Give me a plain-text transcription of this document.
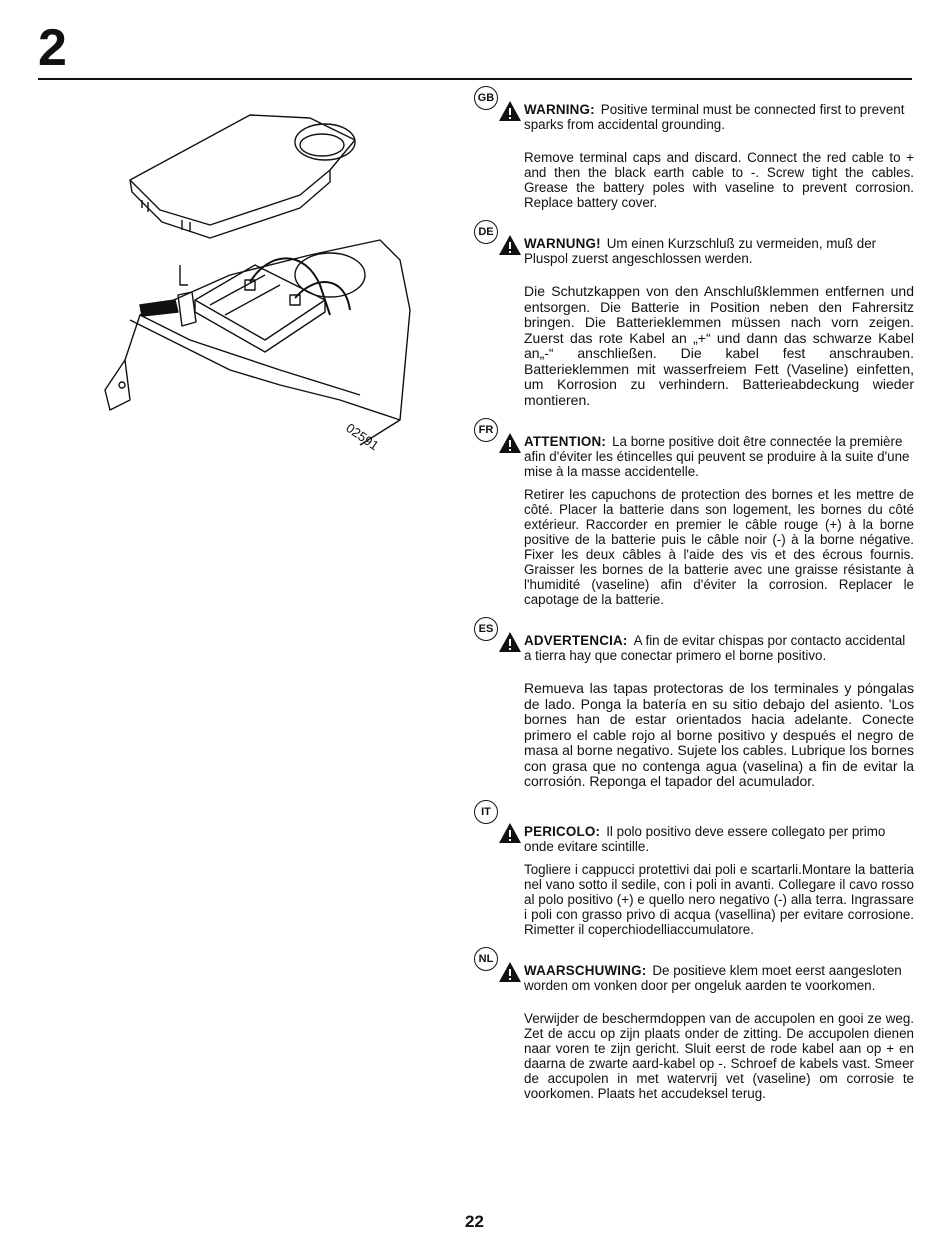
2
02591
GB
WARNING: Positive terminal must be connected first to prevent sparks from accidental grounding.
Remove terminal caps and discard. Connect the red cable to + and then the black earth cable to -. Screw tight the cables. Grease the battery poles with vaseline to prevent corrosion. Replace battery cover.
DE
WARNUNG! Um einen Kurzschluß zu vermeiden, muß der Pluspol zuerst angeschlossen werden.
Die Schutzkappen von den Anschlußklemmen entfernen und entsorgen. Die Batterie in Position neben den Fahrersitz bringen. Die Batterieklemmen müssen nach vorn zeigen. Zuerst das rote Kabel an „+“ und dann das schwarze Kabel an„-“ anschließen. Die kabel fest anschrauben. Batterieklemmen mit wasserfreiem Fett (Vaseline) einfetten, um Korrosion zu verhindern. Batterieabdeckung wieder montieren.
FR
ATTENTION: La borne positive doit être connectée la première afin d'éviter les étincelles qui peuvent se produire à la suite d'une mise à la masse accidentelle.
Retirer les capuchons de protection des bornes et les mettre de côté. Placer la batterie dans son logement, les bornes du côté extérieur. Raccorder en premier le câble rouge (+) à la borne positive de la batterie puis le câble noir (-) à la borne négative. Fixer les deux câbles à l'aide des vis et des écrous fournis. Graisser les bornes de la batterie avec une graisse résistante à l'humidité (vaseline) afin d'éviter la corrosion. Replacer le capotage de la batterie.
ES
ADVERTENCIA: A fin de evitar chispas por contacto accidental a tierra hay que conectar primero el borne positivo.
Remueva las tapas protectoras de los terminales y póngalas de lado. Ponga la batería en su sitio debajo del asiento. 'Los bornes han de estar orientados hacia adelante. Conecte primero el cable rojo al borne positivo y después el negro de masa al borne negativo. Sujete los cables. Lubrique los bornes con grasa que no contenga agua (vaselina) a fin de evitar la corrosión. Reponga el tapador del acumulador.
IT
PERICOLO: Il polo positivo deve essere collegato per primo onde evitare scintille.
Togliere i cappucci protettivi dai poli e scartarli.Montare la batteria nel vano sotto il sedile, con i poli in avanti. Collegare il cavo rosso al polo positivo (+) e quello nero negativo (-) alla terra. Ingrassare i poli con grasso privo di acqua (vasellina) per evitare corrosione. Rimetter il coperchiodelliaccumulatore.
NL
WAARSCHUWING: De positieve klem moet eerst aangesloten worden om vonken door per ongeluk aarden te voorkomen.
Verwijder de beschermdoppen van de accupolen en gooi ze weg. Zet de accu op zijn plaats onder de zitting. De accupolen dienen naar voren te zijn gericht. Sluit eerst de rode kabel aan op + en daarna de zwarte aard-kabel op -. Schroef de kabels vast. Smeer de accupolen in met watervrij vet (vaseline) om corrosie te voorkomen. Plaats het accudeksel terug.
22
